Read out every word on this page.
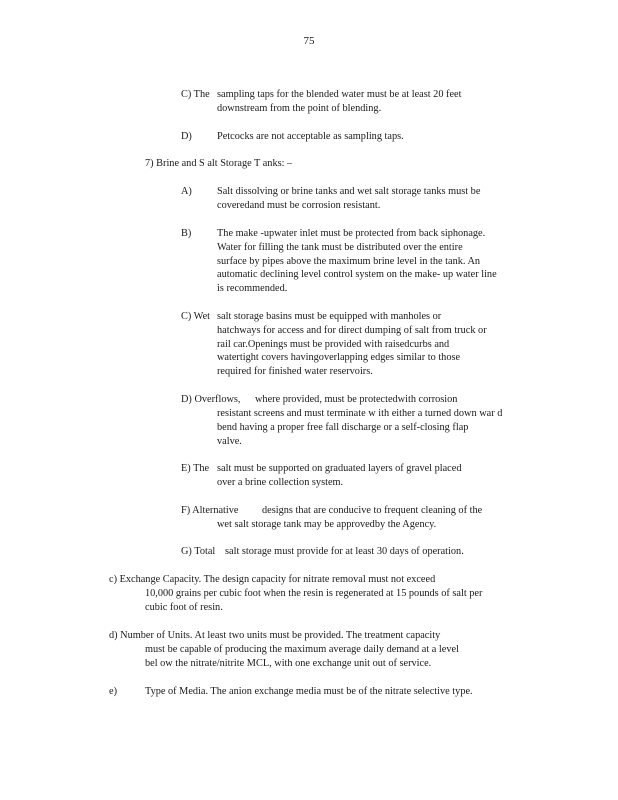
75
C) The sampling taps for the blended water must be at least 20 feet
downstream from the point of blending.
D) Petcocks are not acceptable as sampling taps.
7) Brine and S alt Storage T anks: –
A) Salt dissolving or brine tanks and wet salt storage tanks must be
coveredand must be corrosion resistant.
B) The make -upwater inlet must be protected from back siphonage.
Water for filling the tank must be distributed over the entire
surface by pipes above the maximum brine level in the tank. An
automatic declining level control system on the make- up water line
is recommended.
C) Wet salt storage basins must be equipped with manholes or
hatchways for access and for direct dumping of salt from truck or
rail car.Openings must be provided with raisedcurbs and
watertight covers havingoverlapping edges similar to those
required for finished water reservoirs.
D) Overflows, where provided, must be protectedwith corrosion
resistant screens and must terminate w ith either a turned down war d
bend having a proper free fall discharge or a self-closing flap
valve.
E) The salt must be supported on graduated layers of gravel placed
over a brine collection system.
F) Alternative designs that are conducive to frequent cleaning of the
wet salt storage tank may be approvedby the Agency.
G) Total salt storage must provide for at least 30 days of operation.
c) Exchange Capacity. The design capacity for nitrate removal must not exceed
10,000 grains per cubic foot when the resin is regenerated at 15 pounds of salt per
cubic foot of resin.
d) Number of Units. At least two units must be provided. The treatment capacity
must be capable of producing the maximum average daily demand at a level
bel ow the nitrate/nitrite MCL, with one exchange unit out of service.
e)	Type of Media. The anion exchange media must be of the nitrate selective type.
